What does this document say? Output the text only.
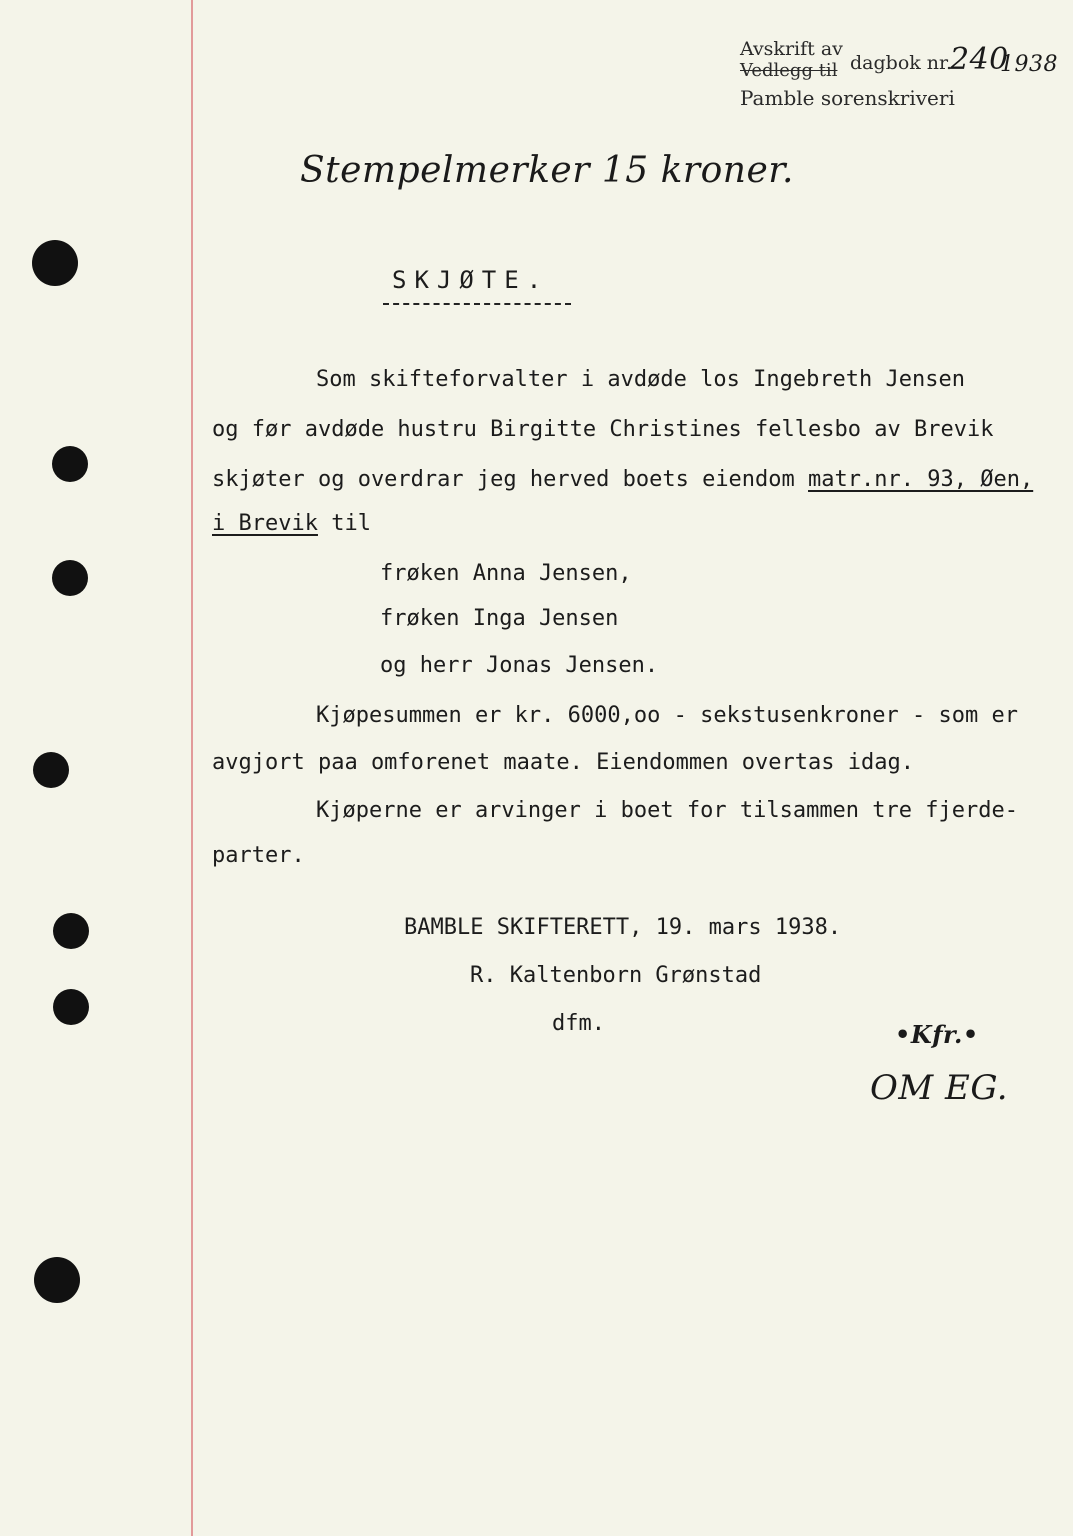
Avskrift av
Vedlegg til dagbok nr.
240
1938
Pamble sorenskriveri
Stempelmerker 15 kroner.
SKJØTE.
Som skifteforvalter i avdøde los Ingebreth Jensen
og før avdøde hustru Birgitte Christines fellesbo av Brevik
skjøter og overdrar jeg herved boets eiendom matr.nr. 93, Øen,
i Brevik til
frøken Anna Jensen,
frøken Inga Jensen
og herr Jonas Jensen.
Kjøpesummen er kr. 6000,oo - sekstusenkroner - som er
avgjort paa omforenet maate. Eiendommen overtas idag.
Kjøperne er arvinger i boet for tilsammen tre fjerde-
parter.
BAMBLE SKIFTERETT, 19. mars 1938.
R. Kaltenborn Grønstad
dfm.	•Kfr.•
OM EG.
